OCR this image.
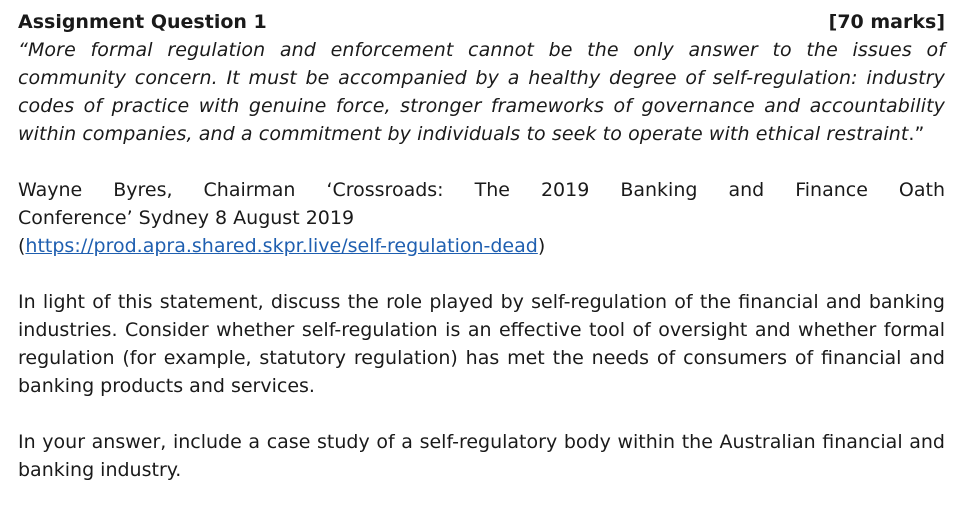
Assignment Question 1	[70 marks]

“More formal regulation and enforcement cannot be the only answer to the issues of community concern. It must be accompanied by a healthy degree of self-regulation: industry codes of practice with genuine force, stronger frameworks of governance and accountability within companies, and a commitment by individuals to seek to operate with ethical restraint.”

Wayne Byres, Chairman ‘Crossroads: The 2019 Banking and Finance Oath
Conference’ Sydney 8 August 2019
(https://prod.apra.shared.skpr.live/self-regulation-dead)

In light of this statement, discuss the role played by self-regulation of the financial and banking industries. Consider whether self-regulation is an effective tool of oversight and whether formal regulation (for example, statutory regulation) has met the needs of consumers of financial and banking products and services.

In your answer, include a case study of a self-regulatory body within the Australian financial and banking industry.
